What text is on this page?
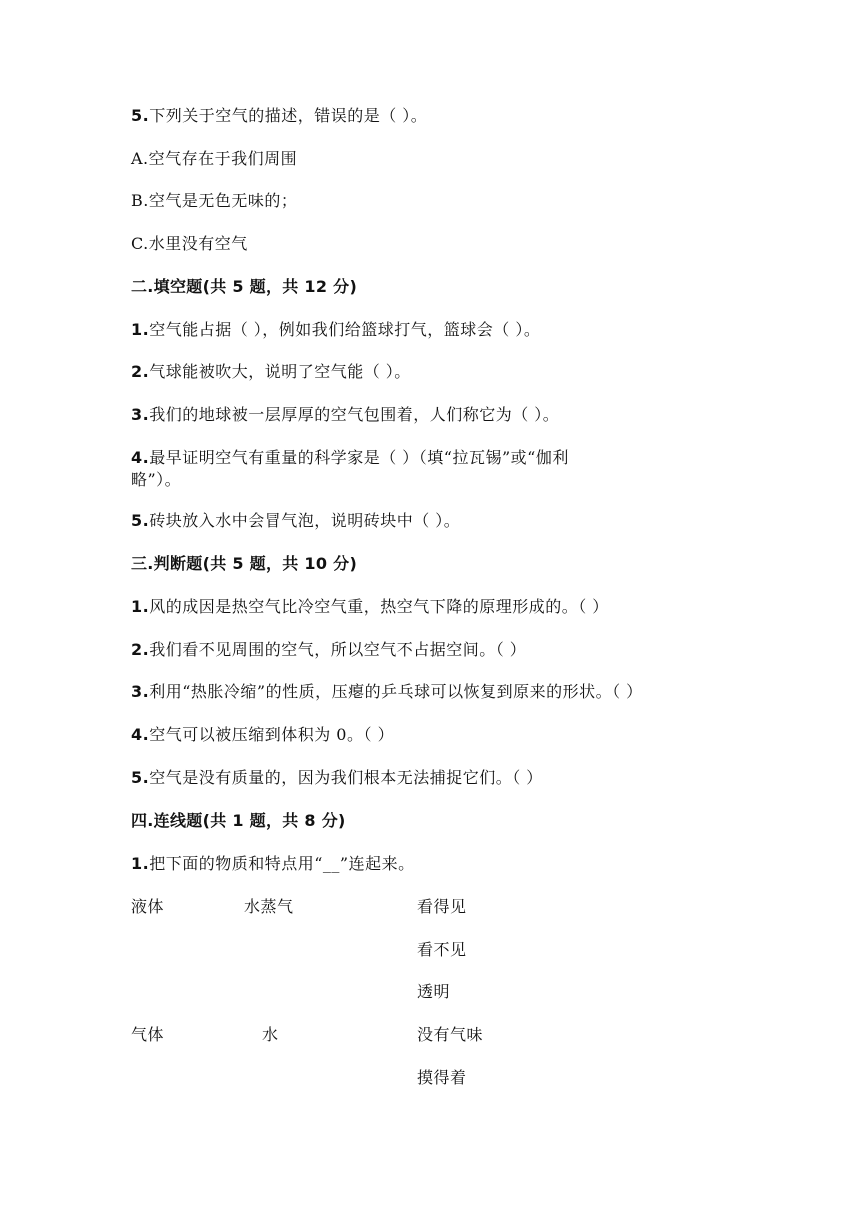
5.下列关于空气的描述，错误的是（ ）。
A.空气存在于我们周围
B.空气是无色无味的；
C.水里没有空气
二.填空题(共 5 题，共 12 分)
1.空气能占据（ ），例如我们给篮球打气，篮球会（ ）。
2.气球能被吹大，说明了空气能（ ）。
3.我们的地球被一层厚厚的空气包围着，人们称它为（ ）。
4.最早证明空气有重量的科学家是（ ）（填“拉瓦锡”或“伽利
略”）。
5.砖块放入水中会冒气泡，说明砖块中（ ）。
三.判断题(共 5 题，共 10 分)
1.风的成因是热空气比冷空气重，热空气下降的原理形成的。（ ）
2.我们看不见周围的空气，所以空气不占据空间。（ ）
3.利用“热胀冷缩”的性质，压瘪的乒乓球可以恢复到原来的形状。（ ）
4.空气可以被压缩到体积为 0。（ ）
5.空气是没有质量的，因为我们根本无法捕捉它们。（ ）
四.连线题(共 1 题，共 8 分)
1.把下面的物质和特点用“__”连起来。
液体
气体
水蒸气
水
看得见
看不见
透明
没有气味
摸得着
